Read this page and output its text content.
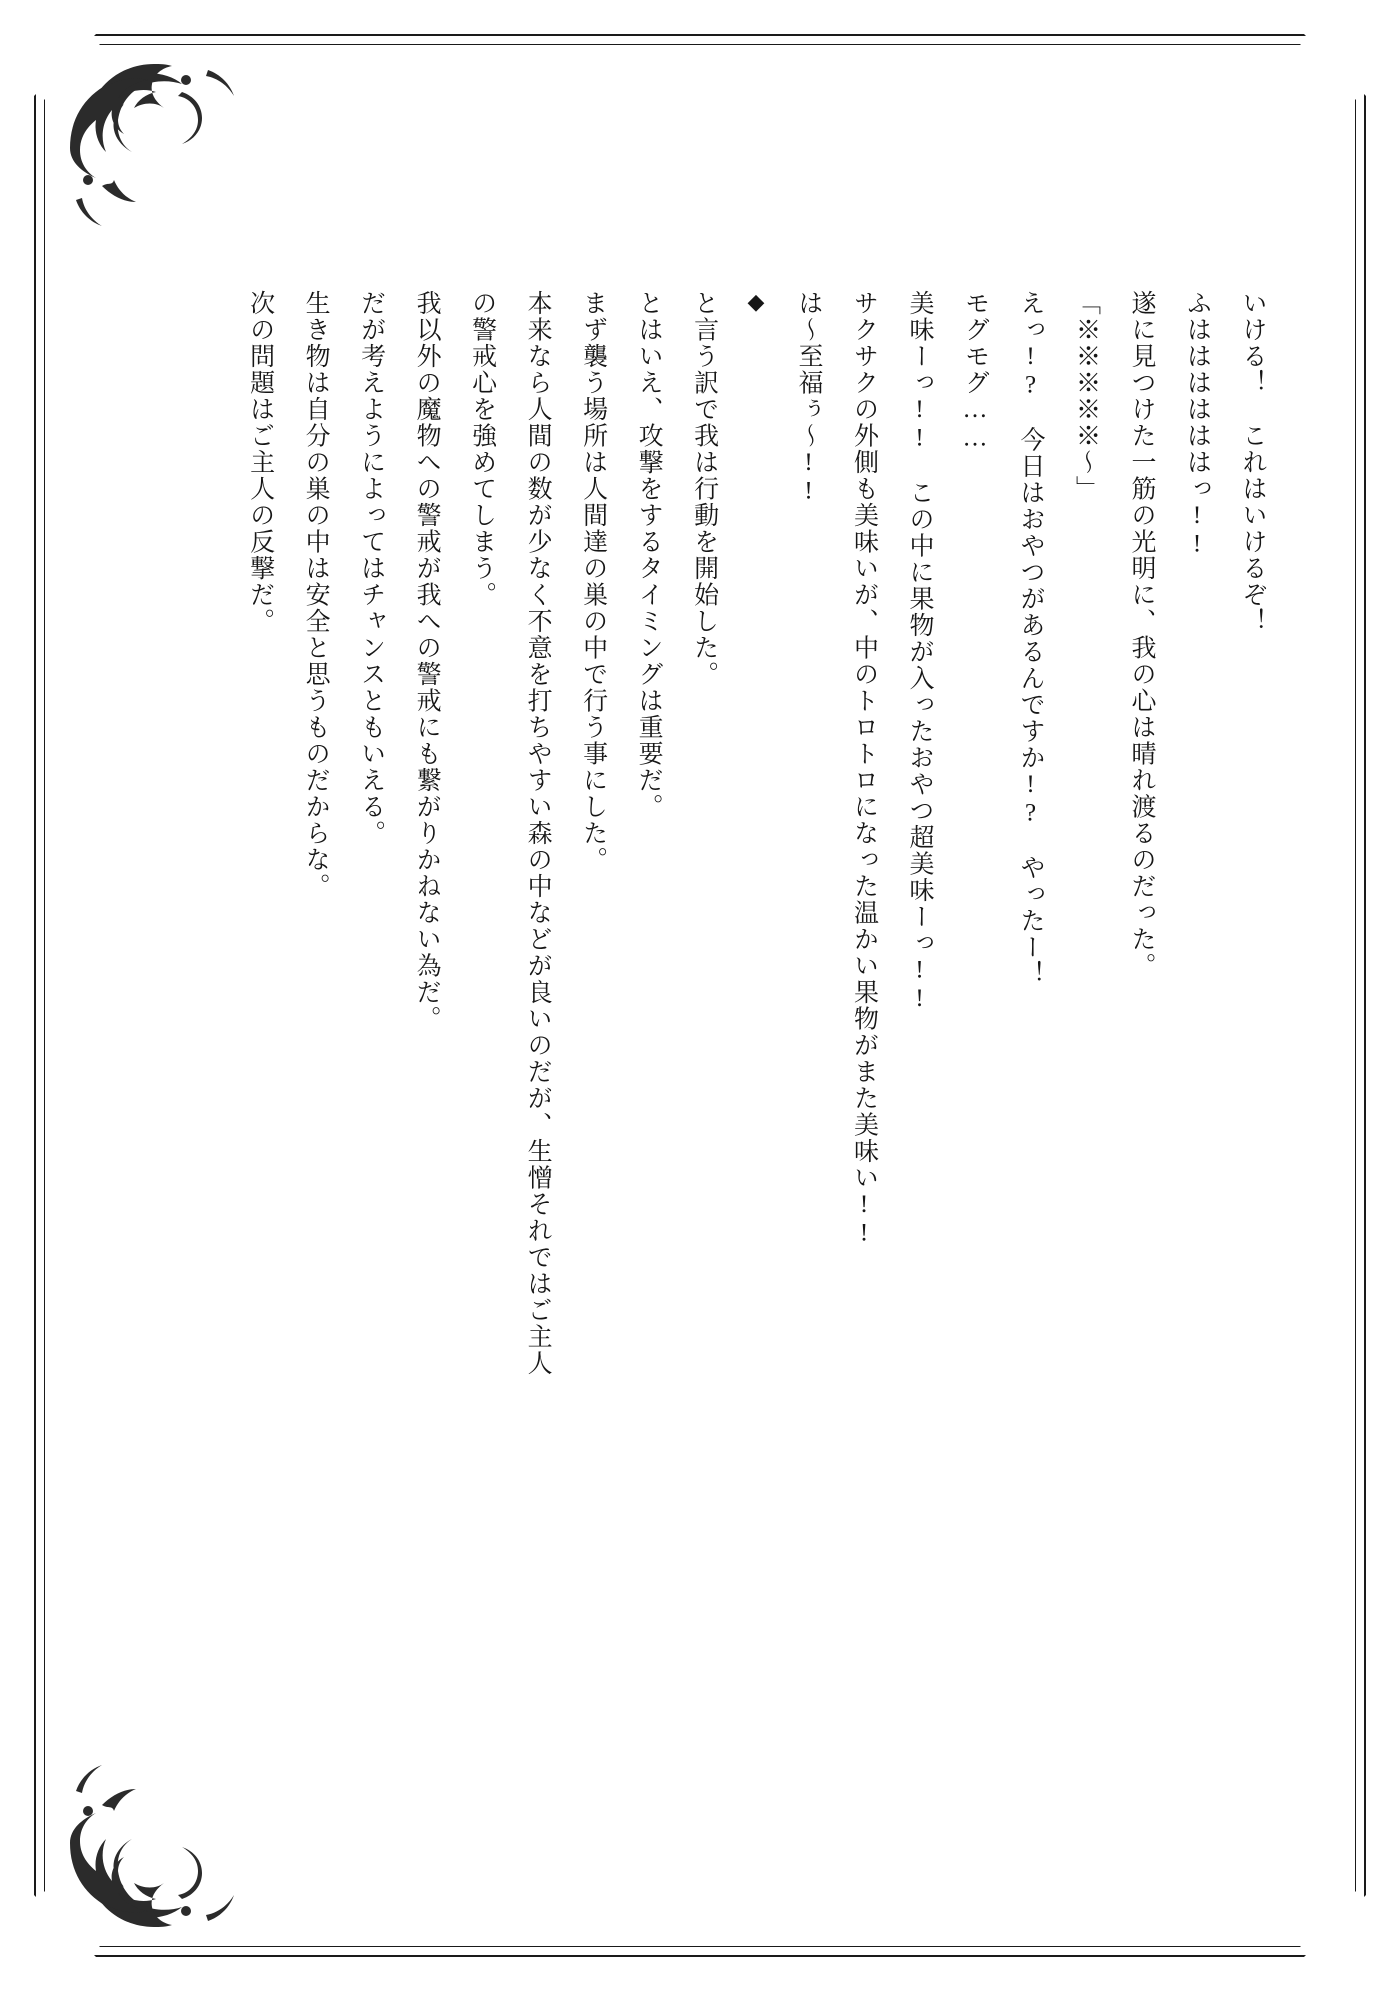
いける！　これはいけるぞ！

ふははははははっ!!

遂に見つけた一筋の光明に、我の心は晴れ渡るのだった。

「※※※※※～」

えっ!?　今日はおやつがあるんですか!?　やったー！

モグモグ……

美味ーっ!!　この中に果物が入ったおやつ超美味ーっ!!

サクサクの外側も美味いが、中のトロトロになった温かい果物がまた美味い!!

は～至福ぅ～!!

◆

と言う訳で我は行動を開始した。

とはいえ、攻撃をするタイミングは重要だ。

まず襲う場所は人間達の巣の中で行う事にした。

本来なら人間の数が少なく不意を打ちやすい森の中などが良いのだが、生憎それではご主人の警戒心を強めてしまう。

我以外の魔物への警戒が我への警戒にも繋がりかねない為だ。

だが考えようによってはチャンスともいえる。

生き物は自分の巣の中は安全と思うものだからな。

次の問題はご主人の反撃だ。
